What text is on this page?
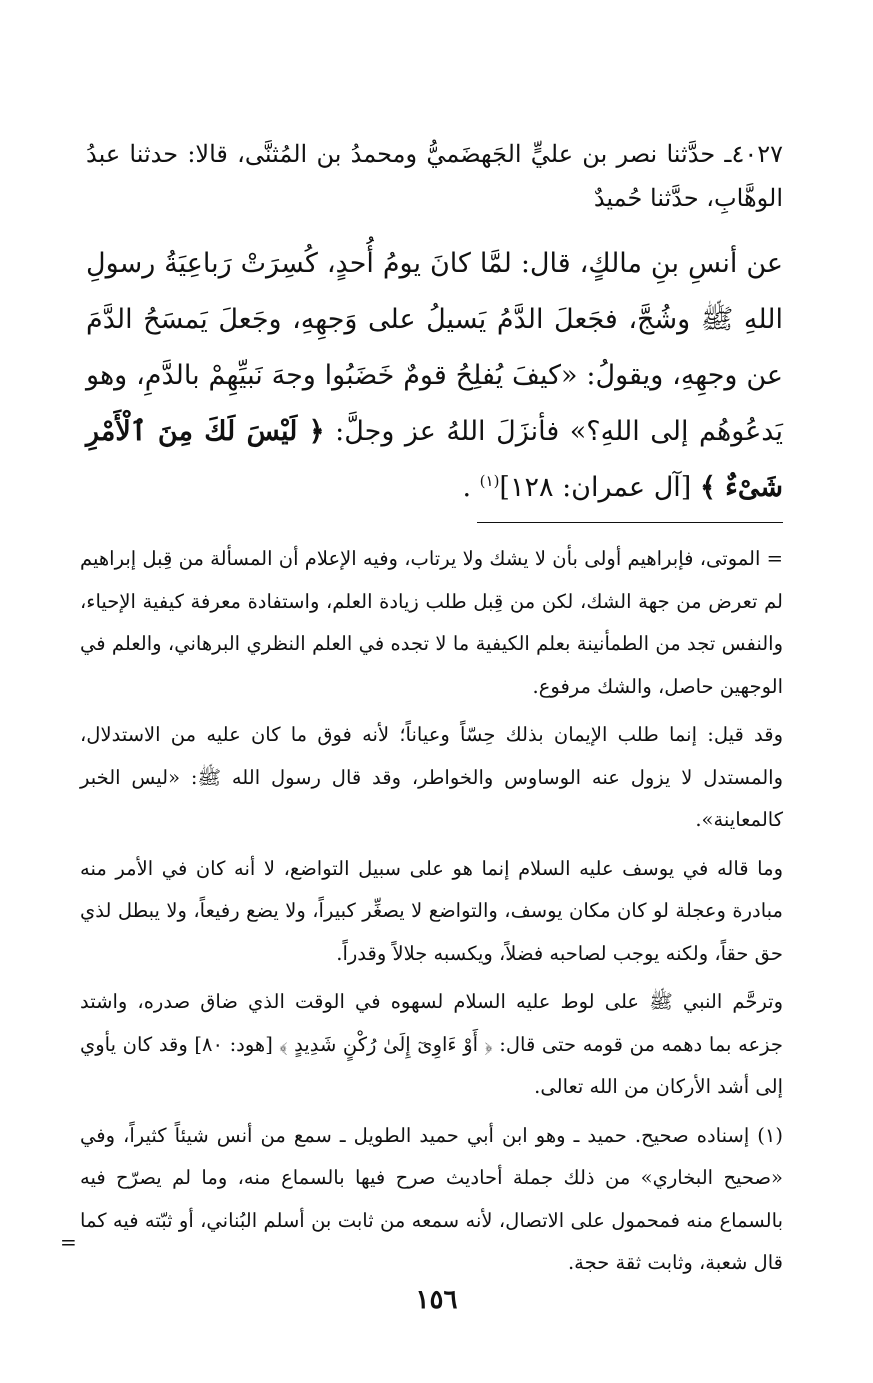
٤٠٢٧ـ حدَّثنا نصر بن عليٍّ الجَهضَميُّ ومحمدُ بن المُثنَّى، قالا: حدثنا عبدُ الوهَّابِ، حدَّثنا حُميدٌ
عن أنسِ بنِ مالكٍ، قال: لمَّا كانَ يومُ أُحدٍ، كُسِرَتْ رَباعِيَةُ رسولِ اللهِ ﷺ وشُجَّ، فجَعلَ الدَّمُ يَسيلُ على وَجهِهِ، وجَعلَ يَمسَحُ الدَّمَ عن وجهِهِ، ويقولُ: «كيفَ يُفلِحُ قومٌ خَضَبُوا وجهَ نَبيِّهِمْ بالدَّمِ، وهو يَدعُوهُم إلى اللهِ؟» فأنزَلَ اللهُ عز وجلَّ: ﴿ لَيْسَ لَكَ مِنَ ٱلْأَمْرِ شَىْءٌ ﴾ [آل عمران: ١٢٨]$^{(١)}$ .

= الموتى، فإبراهيم أولى بأن لا يشك ولا يرتاب، وفيه الإعلام أن المسألة من قِبل إبراهيم لم تعرض من جهة الشك، لكن من قِبل طلب زيادة العلم، واستفادة معرفة كيفية الإحياء، والنفس تجد من الطمأنينة بعلم الكيفية ما لا تجده في العلم النظري البرهاني، والعلم في الوجهين حاصل، والشك مرفوع.

وقد قيل: إنما طلب الإيمان بذلك حِسّاً وعياناً؛ لأنه فوق ما كان عليه من الاستدلال، والمستدل لا يزول عنه الوساوس والخواطر، وقد قال رسول الله ﷺ: «ليس الخبر كالمعاينة».

وما قاله في يوسف عليه السلام إنما هو على سبيل التواضع، لا أنه كان في الأمر منه مبادرة وعجلة لو كان مكان يوسف، والتواضع لا يصغِّر كبيراً، ولا يضع رفيعاً، ولا يبطل لذي حق حقاً، ولكنه يوجب لصاحبه فضلاً، ويكسبه جلالاً وقدراً.

وترحَّم النبي ﷺ على لوط عليه السلام لسهوه في الوقت الذي ضاق صدره، واشتد جزعه بما دهمه من قومه حتى قال: ﴿ أَوْ ءَاوِىٓ إِلَىٰ رُكْنٍ شَدِيدٍ ﴾ [هود: ٨٠] وقد كان يأوي إلى أشد الأركان من الله تعالى.

(١) إسناده صحيح. حميد ـ وهو ابن أبي حميد الطويل ـ سمع من أنس شيئاً كثيراً، وفي «صحيح البخاري» من ذلك جملة أحاديث صرح فيها بالسماع منه، وما لم يصرّح فيه بالسماع منه فمحمول على الاتصال، لأنه سمعه من ثابت بن أسلم البُناني، أو ثبّته فيه كما قال شعبة، وثابت ثقة حجة.

=
١٥٦
